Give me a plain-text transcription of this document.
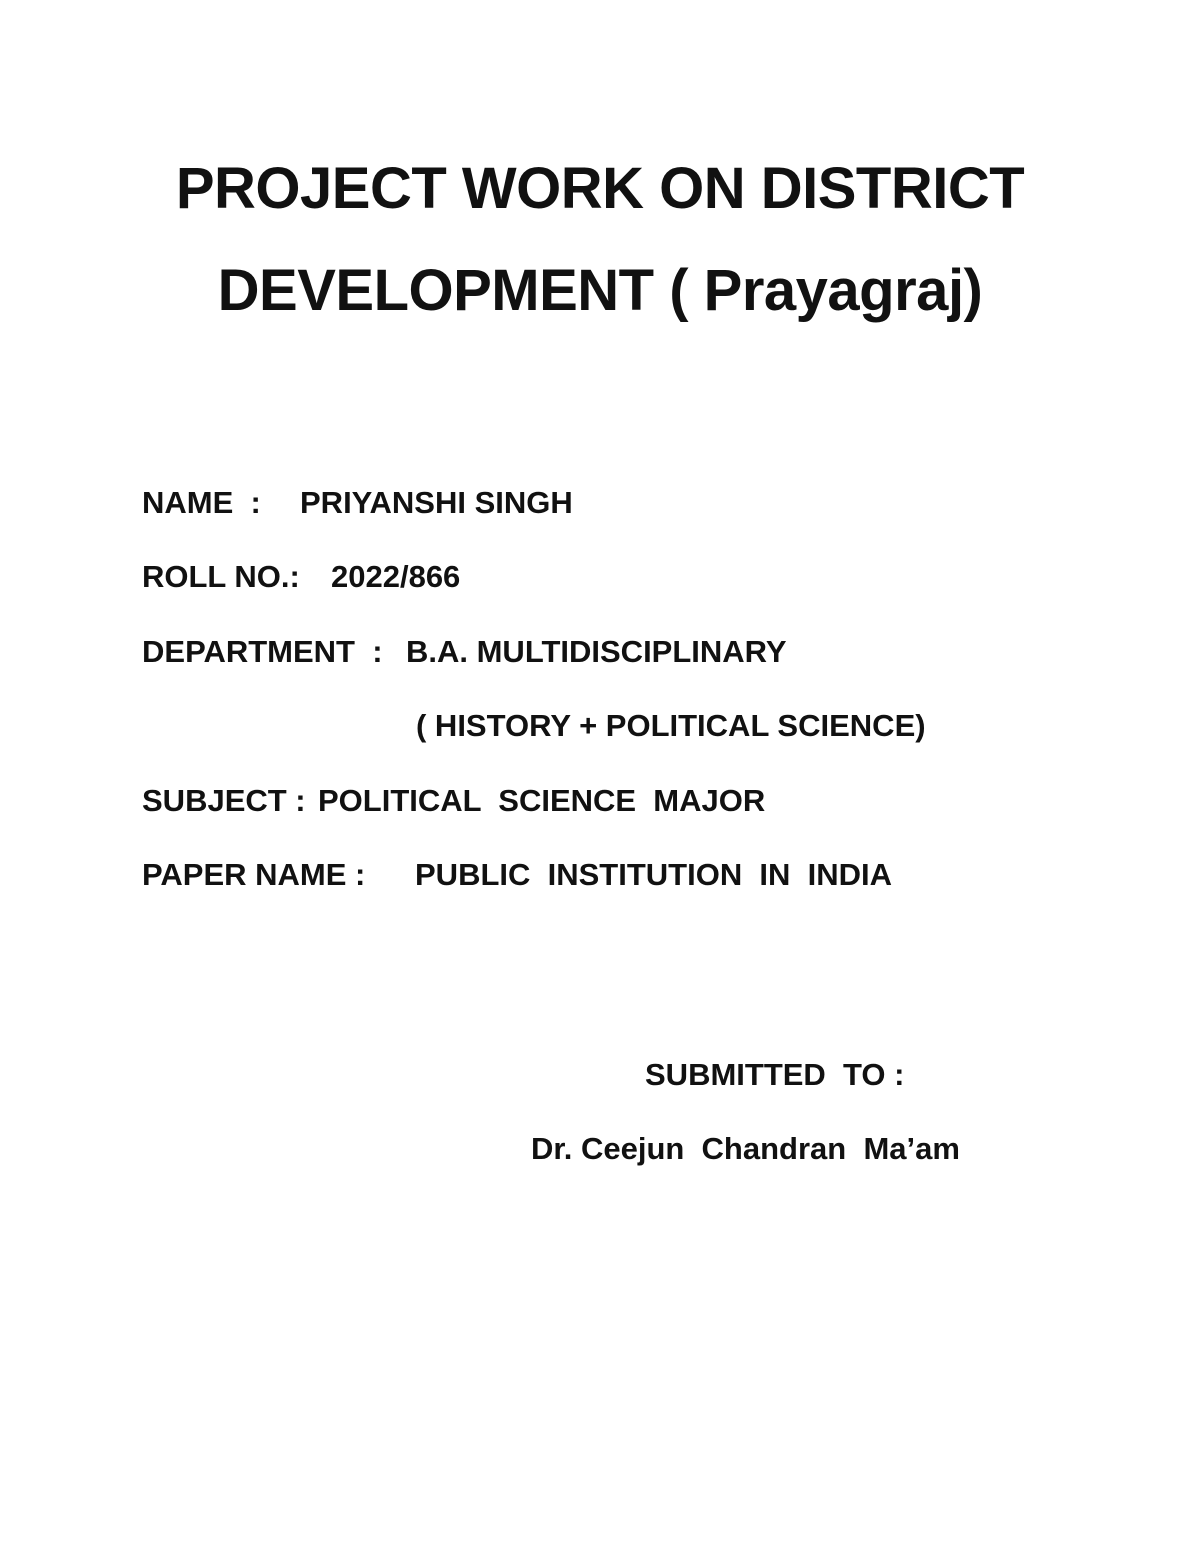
PROJECT WORK ON DISTRICT
DEVELOPMENT ( Prayagraj)
NAME  : PRIYANSHI SINGH
ROLL NO.: 2022/866
DEPARTMENT  : B.A. MULTIDISCIPLINARY
( HISTORY + POLITICAL SCIENCE)
SUBJECT : POLITICAL  SCIENCE  MAJOR
PAPER NAME : PUBLIC  INSTITUTION  IN  INDIA
SUBMITTED  TO :
Dr. Ceejun  Chandran  Ma’am
